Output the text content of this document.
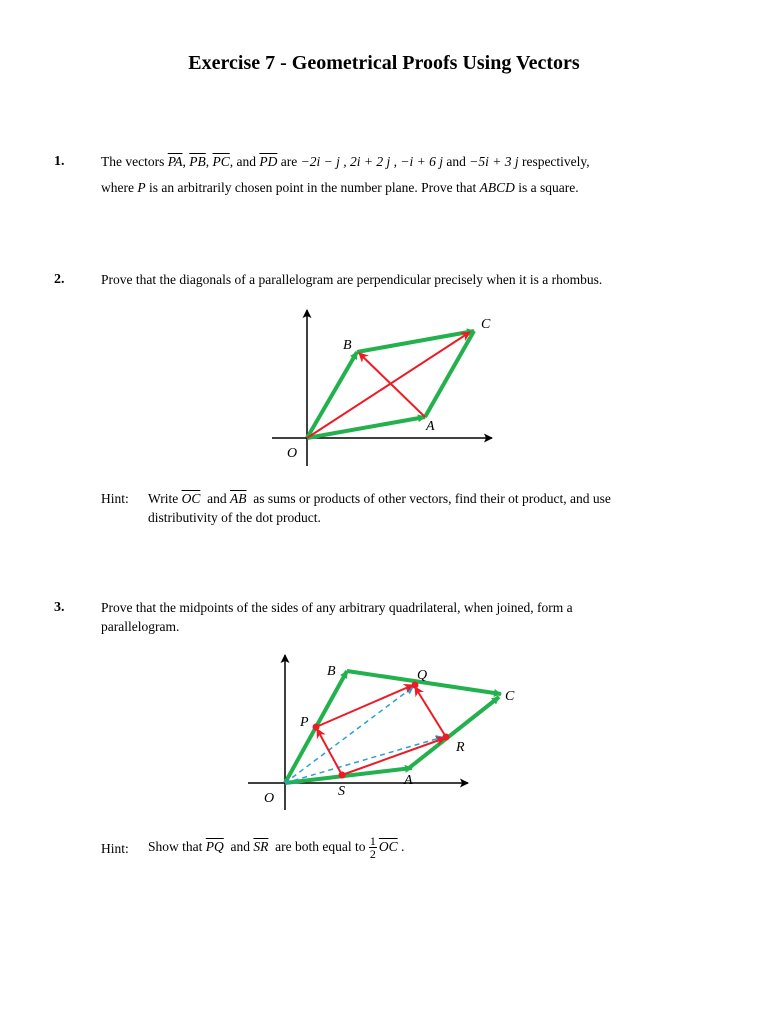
Exercise 7 - Geometrical Proofs Using Vectors
1.	The vectors $\overline{PA}$, $\overline{PB}$, $\overline{PC}$, and $\overline{PD}$ are −2i − j , 2i + 2 j , −i + 6 j and −5i + 3 j respectively,
where P is an arbitrarily chosen point in the number plane. Prove that ABCD is a square.
2.	Prove that the diagonals of a parallelogram are perpendicular precisely when it is a rhombus.
C
B
A
O
B	Q
C
P
R
A
S
O
Hint: Write $\overline{OC}$ and $\overline{AB}$ as sums or products of other vectors, find their ot product, and use
distributivity of the dot product.
3.	Prove that the midpoints of the sides of any arbitrary quadrilateral, when joined, form a
parallelogram.
Hint: Show that $\overline{PQ}$ and $\overline{SR}$ are both equal to $\frac{1}{2} \overline{OC}$ .
